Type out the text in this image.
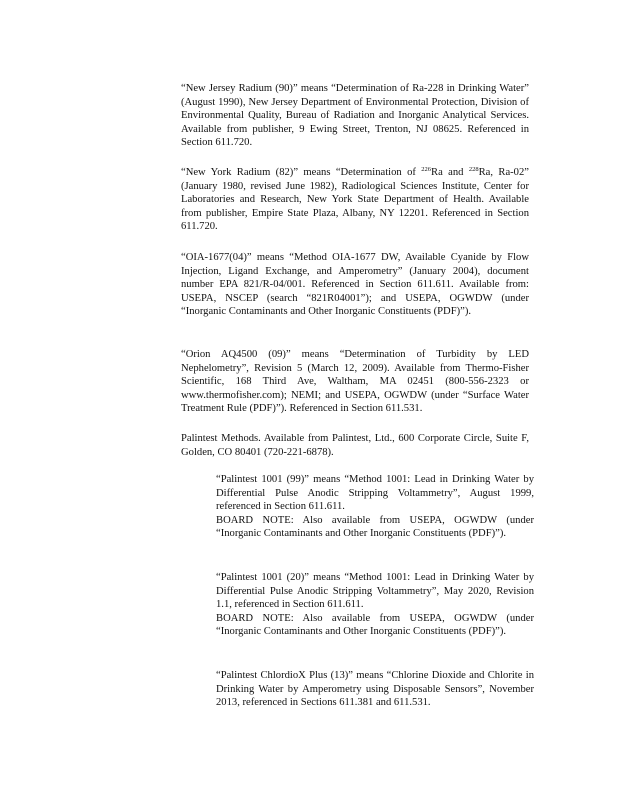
“New Jersey Radium (90)” means “Determination of Ra-228 in Drinking Water” (August 1990), New Jersey Department of Environmental Protection, Division of Environmental Quality, Bureau of Radiation and Inorganic Analytical Services. Available from publisher, 9 Ewing Street, Trenton, NJ 08625. Referenced in Section 611.720.

“New York Radium (82)” means “Determination of $^{226}$Ra and $^{228}$Ra, Ra-02” (January 1980, revised June 1982), Radiological Sciences Institute, Center for Laboratories and Research, New York State Department of Health. Available from publisher, Empire State Plaza, Albany, NY 12201. Referenced in Section 611.720.

“OIA-1677(04)” means “Method OIA-1677 DW, Available Cyanide by Flow Injection, Ligand Exchange, and Amperometry” (January 2004), document number EPA 821/R-04/001. Referenced in Section 611.611. Available from: USEPA, NSCEP (search “821R04001”); and USEPA, OGWDW (under “Inorganic Contaminants and Other Inorganic Constituents (PDF)”).

“Orion AQ4500 (09)” means “Determination of Turbidity by LED Nephelometry”, Revision 5 (March 12, 2009). Available from Thermo-Fisher Scientific, 168 Third Ave, Waltham, MA 02451 (800-556-2323 or www.thermofisher.com); NEMI; and USEPA, OGWDW (under “Surface Water Treatment Rule (PDF)”). Referenced in Section 611.531.

Palintest Methods. Available from Palintest, Ltd., 600 Corporate Circle, Suite F, Golden, CO 80401 (720-221-6878).

“Palintest 1001 (99)” means “Method 1001: Lead in Drinking Water by Differential Pulse Anodic Stripping Voltammetry”, August 1999, referenced in Section 611.611.
BOARD NOTE: Also available from USEPA, OGWDW (under “Inorganic Contaminants and Other Inorganic Constituents (PDF)”).

“Palintest 1001 (20)” means “Method 1001: Lead in Drinking Water by Differential Pulse Anodic Stripping Voltammetry”, May 2020, Revision 1.1, referenced in Section 611.611.
BOARD NOTE: Also available from USEPA, OGWDW (under “Inorganic Contaminants and Other Inorganic Constituents (PDF)”).

“Palintest ChlordioX Plus (13)” means “Chlorine Dioxide and Chlorite in Drinking Water by Amperometry using Disposable Sensors”, November 2013, referenced in Sections 611.381 and 611.531.
